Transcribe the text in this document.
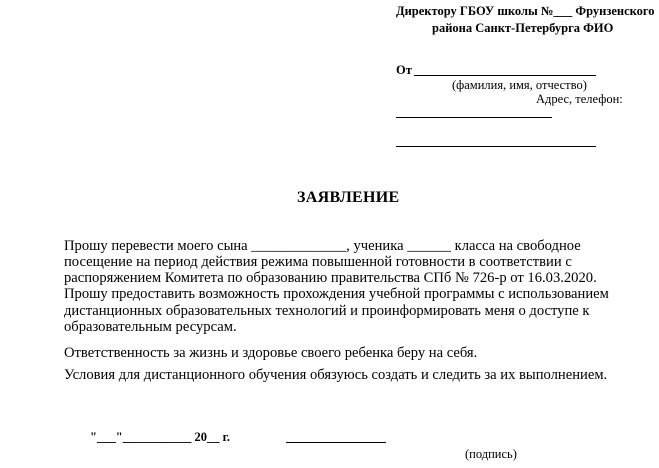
Директору ГБОУ школы №___ Фрунзенского
района Санкт-Петербурга ФИО
От
(фамилия, имя, отчество)
Адрес, телефон:
ЗАЯВЛЕНИЕ
Прошу перевести моего сына _____________, ученика ______ класса на свободное
посещение на период действия режима повышенной готовности в соответствии с
распоряжением Комитета по образованию правительства СПб № 726-р от 16.03.2020.
Прошу предоставить возможность прохождения учебной программы с использованием
дистанционных образовательных технологий и проинформировать меня о доступе к
образовательным ресурсам.
Ответственность за жизнь и здоровье своего ребенка беру на себя.
Условия для дистанционного обучения обязуюсь создать и следить за их выполнением.
"___"___________ 20__ г.
(подпись)
